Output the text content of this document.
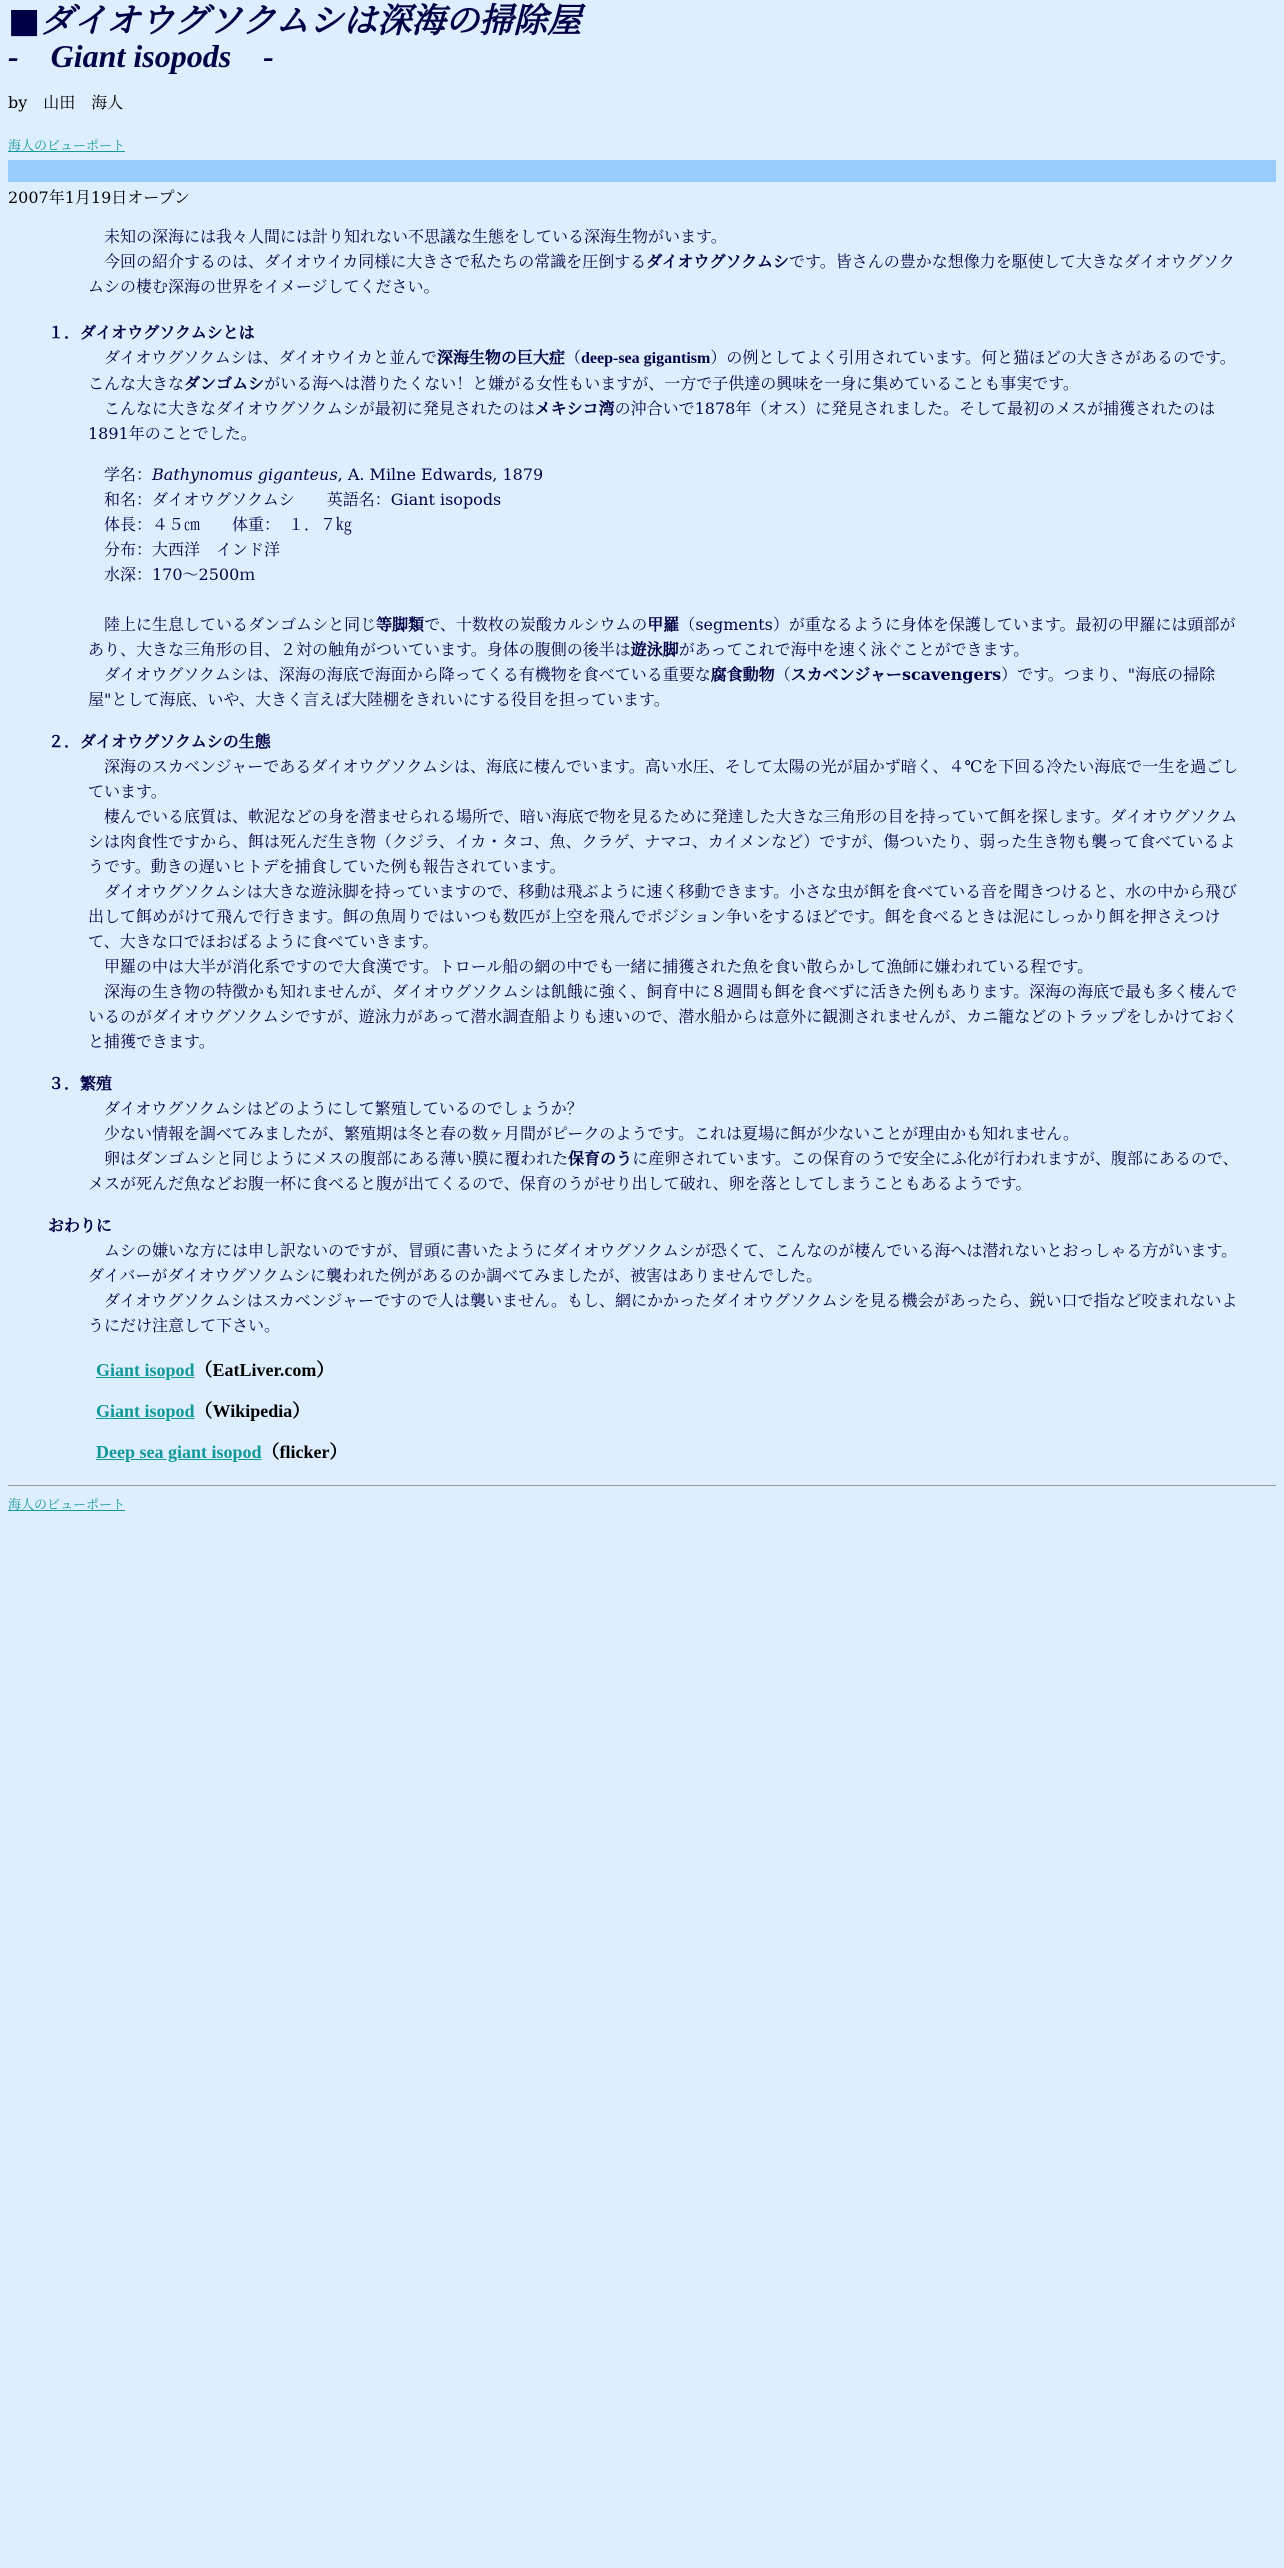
■ダイオウグソクムシは深海の掃除屋
-　Giant isopods　-
by　山田　海人
海人のビューポート
2007年1月19日オープン

未知の深海には我々人間には計り知れない不思議な生態をしている深海生物がいます。

今回の紹介するのは、ダイオウイカ同様に大きさで私たちの常識を圧倒するダイオウグソクムシです。皆さんの豊かな想像力を駆使して大きなダイオウグソクムシの棲む深海の世界をイメージしてください。

１．ダイオウグソクムシとは

ダイオウグソクムシは、ダイオウイカと並んで深海生物の巨大症（deep-sea gigantism）の例としてよく引用されています。何と猫ほどの大きさがあるのです。こんな大きなダンゴムシがいる海へは潜りたくない！と嫌がる女性もいますが、一方で子供達の興味を一身に集めていることも事実です。

こんなに大きなダイオウグソクムシが最初に発見されたのはメキシコ湾の沖合いで1878年（オス）に発見されました。そして最初のメスが捕獲されたのは1891年のことでした。

学名：Bathynomus giganteus, A. Milne Edwards, 1879
和名：ダイオウグソクムシ　　英語名：Giant isopods
体長：４５㎝　　体重：　１．７㎏
分布：大西洋　インド洋
水深：170～2500ｍ

陸上に生息しているダンゴムシと同じ等脚類で、十数枚の炭酸カルシウムの甲羅（segments）が重なるように身体を保護しています。最初の甲羅には頭部があり、大きな三角形の目、２対の触角がついています。身体の腹側の後半は遊泳脚があってこれで海中を速く泳ぐことができます。

ダイオウグソクムシは、深海の海底で海面から降ってくる有機物を食べている重要な腐食動物（スカベンジャーscavengers）です。つまり、"海底の掃除屋"として海底、いや、大きく言えば大陸棚をきれいにする役目を担っています。

２．ダイオウグソクムシの生態

深海のスカベンジャーであるダイオウグソクムシは、海底に棲んでいます。高い水圧、そして太陽の光が届かず暗く、４℃を下回る冷たい海底で一生を過ごしています。

棲んでいる底質は、軟泥などの身を潜ませられる場所で、暗い海底で物を見るために発達した大きな三角形の目を持っていて餌を探します。ダイオウグソクムシは肉食性ですから、餌は死んだ生き物（クジラ、イカ・タコ、魚、クラゲ、ナマコ、カイメンなど）ですが、傷ついたり、弱った生き物も襲って食べているようです。動きの遅いヒトデを捕食していた例も報告されています。

ダイオウグソクムシは大きな遊泳脚を持っていますので、移動は飛ぶように速く移動できます。小さな虫が餌を食べている音を聞きつけると、水の中から飛び出して餌めがけて飛んで行きます。餌の魚周りではいつも数匹が上空を飛んでポジション争いをするほどです。餌を食べるときは泥にしっかり餌を押さえつけて、大きな口でほおばるように食べていきます。

甲羅の中は大半が消化系ですので大食漢です。トロール船の網の中でも一緒に捕獲された魚を食い散らかして漁師に嫌われている程です。

深海の生き物の特徴かも知れませんが、ダイオウグソクムシは飢餓に強く、飼育中に８週間も餌を食べずに活きた例もあります。深海の海底で最も多く棲んでいるのがダイオウグソクムシですが、遊泳力があって潜水調査船よりも速いので、潜水船からは意外に観測されませんが、カニ籠などのトラップをしかけておくと捕獲できます。

３．繁殖

ダイオウグソクムシはどのようにして繁殖しているのでしょうか？

少ない情報を調べてみましたが、繁殖期は冬と春の数ヶ月間がピークのようです。これは夏場に餌が少ないことが理由かも知れません。

卵はダンゴムシと同じようにメスの腹部にある薄い膜に覆われた保育のうに産卵されています。この保育のうで安全にふ化が行われますが、腹部にあるので、メスが死んだ魚などお腹一杯に食べると腹が出てくるので、保育のうがせり出して破れ、卵を落としてしまうこともあるようです。

おわりに

ムシの嫌いな方には申し訳ないのですが、冒頭に書いたようにダイオウグソクムシが恐くて、こんなのが棲んでいる海へは潜れないとおっしゃる方がいます。ダイバーがダイオウグソクムシに襲われた例があるのか調べてみましたが、被害はありませんでした。

ダイオウグソクムシはスカベンジャーですので人は襲いません。もし、網にかかったダイオウグソクムシを見る機会があったら、鋭い口で指など咬まれないようにだけ注意して下さい。

Giant isopod（EatLiver.com）
Giant isopod（Wikipedia）
Deep sea giant isopod（flicker）
海人のビューポート
